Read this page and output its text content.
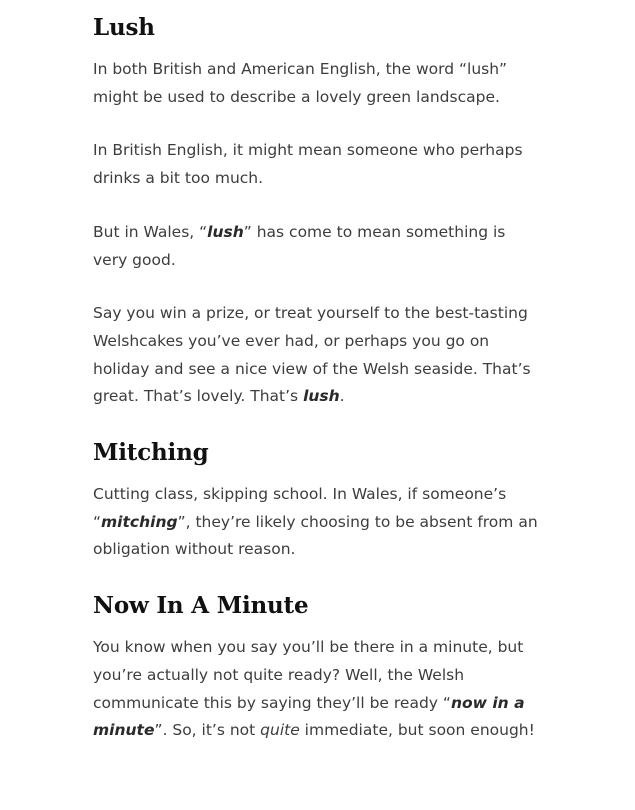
Lush

In both British and American English, the word “lush” might be used to describe a lovely green landscape.

In British English, it might mean someone who perhaps drinks a bit too much.

But in Wales, “lush” has come to mean something is very good.

Say you win a prize, or treat yourself to the best-tasting Welshcakes you’ve ever had, or perhaps you go on holiday and see a nice view of the Welsh seaside. That’s great. That’s lovely. That’s lush.

Mitching

Cutting class, skipping school. In Wales, if someone’s “mitching”, they’re likely choosing to be absent from an obligation without reason.

Now In A Minute

You know when you say you’ll be there in a minute, but you’re actually not quite ready? Well, the Welsh communicate this by saying they’ll be ready “now in a minute”. So, it’s not quite immediate, but soon enough!
